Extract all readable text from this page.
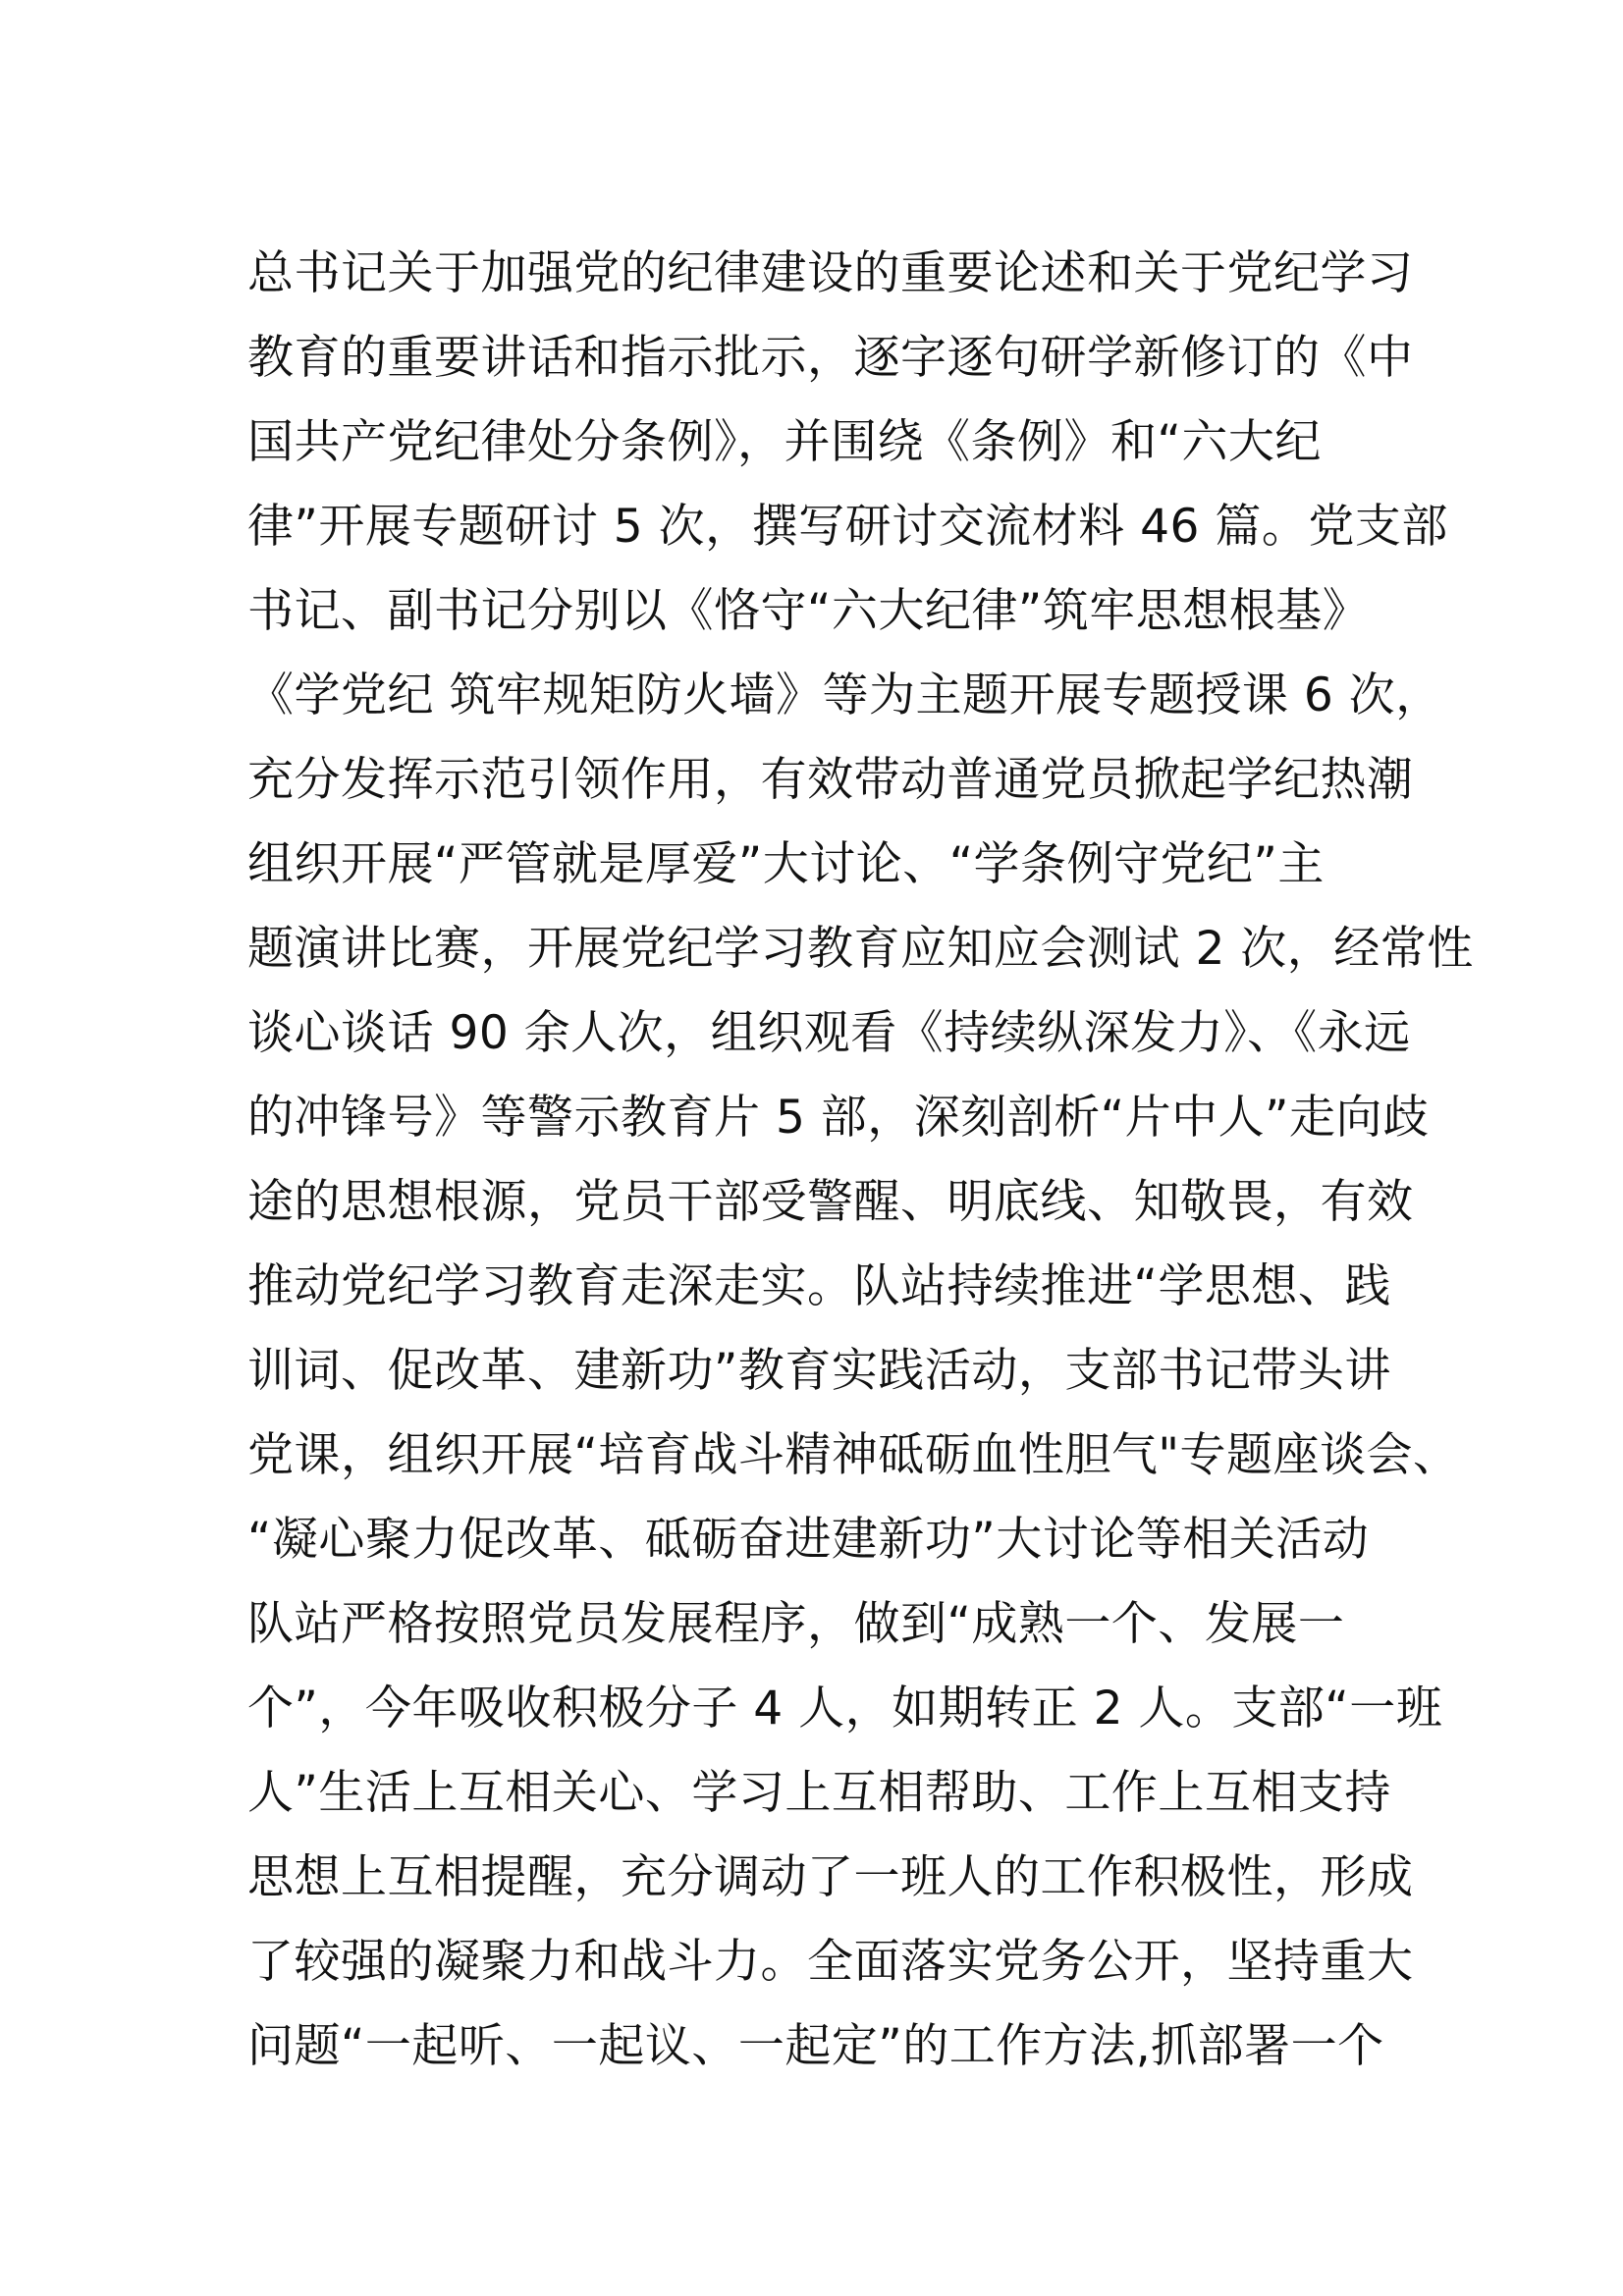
总书记关于加强党的纪律建设的重要论述和关于党纪学习
教育的重要讲话和指示批示，逐字逐句研学新修订的《中
国共产党纪律处分条例》，并围绕《条例》和“六大纪
律”开展专题研讨 5 次，撰写研讨交流材料 46 篇。党支部
书记、副书记分别以《恪守“六大纪律”筑牢思想根基》
《学党纪 筑牢规矩防火墙》等为主题开展专题授课 6 次，
充分发挥示范引领作用，有效带动普通党员掀起学纪热潮
组织开展“严管就是厚爱”大讨论、“学条例守党纪”主
题演讲比赛，开展党纪学习教育应知应会测试 2 次，经常性
谈心谈话 90 余人次，组织观看《持续纵深发力》、《永远
的冲锋号》等警示教育片 5 部，深刻剖析“片中人”走向歧
途的思想根源，党员干部受警醒、明底线、知敬畏，有效
推动党纪学习教育走深走实。队站持续推进“学思想、践
训词、促改革、建新功”教育实践活动，支部书记带头讲
党课，组织开展“培育战斗精神砥砺血性胆气"专题座谈会、
“凝心聚力促改革、砥砺奋进建新功”大讨论等相关活动
队站严格按照党员发展程序，做到“成熟一个、发展一
个”，今年吸收积极分子 4 人，如期转正 2 人。支部“一班
人”生活上互相关心、学习上互相帮助、工作上互相支持
思想上互相提醒，充分调动了一班人的工作积极性，形成
了较强的凝聚力和战斗力。全面落实党务公开，坚持重大
问题“一起听、一起议、一起定”的工作方法,抓部署一个
